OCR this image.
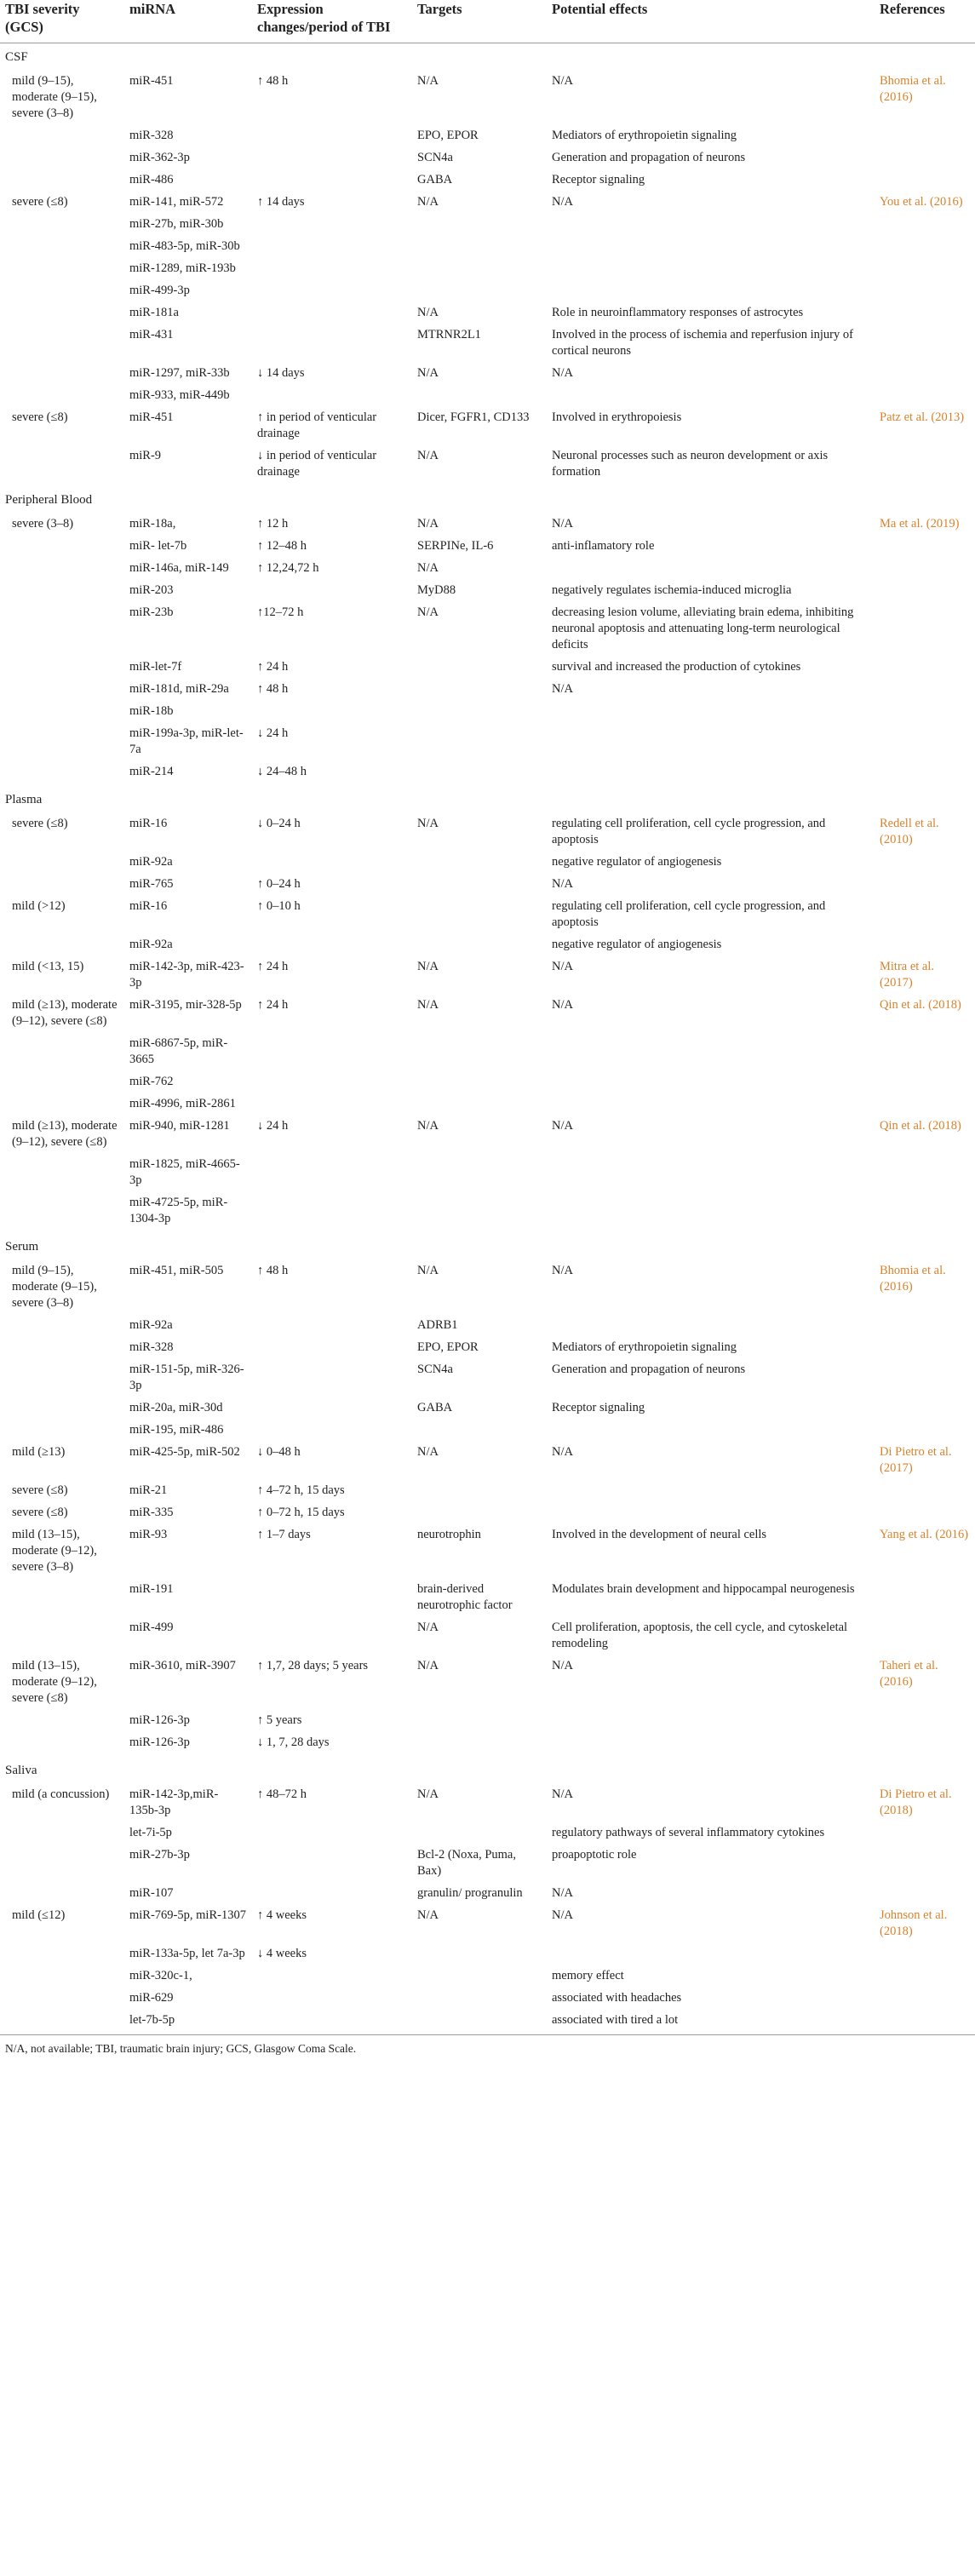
TBI severity (GCS)	miRNA	Expression changes/period of TBI	Targets	Potential effects	References
CSF					
mild (9–15), moderate (9–15), severe (3–8)	miR-451	↑ 48 h	N/A	N/A	Bhomia et al. (2016)
	miR-328		EPO, EPOR	Mediators of erythropoietin signaling	
	miR-362-3p		SCN4a	Generation and propagation of neurons	
	miR-486		GABA	Receptor signaling	
severe (≤8)	miR-141, miR-572	↑ 14 days	N/A	N/A	You et al. (2016)
	miR-27b, miR-30b				
	miR-483-5p, miR-30b				
	miR-1289, miR-193b				
	miR-499-3p				
	miR-181a		N/A	Role in neuroinflammatory responses of astrocytes	
	miR-431		MTRNR2L1	Involved in the process of ischemia and reperfusion injury of cortical neurons	
	miR-1297, miR-33b	↓ 14 days	N/A	N/A	
	miR-933, miR-449b				
severe (≤8)	miR-451	↑ in period of venticular drainage	Dicer, FGFR1, CD133	Involved in erythropoiesis	Patz et al. (2013)
	miR-9	↓ in period of venticular drainage	N/A	Neuronal processes such as neuron development or axis formation	
Peripheral Blood					
severe (3–8)	miR-18a,	↑ 12 h	N/A	N/A	Ma et al. (2019)
	miR- let-7b	↑ 12–48 h	SERPINe, IL-6	anti-inflamatory role	
	miR-146a, miR-149	↑ 12,24,72 h	N/A		
	miR-203		MyD88	negatively regulates ischemia-induced microglia	
	miR-23b	↑12–72 h	N/A	decreasing lesion volume, alleviating brain edema, inhibiting neuronal apoptosis and attenuating long-term neurological deficits	
	miR-let-7f	↑ 24 h		survival and increased the production of cytokines	
	miR-181d, miR-29a	↑ 48 h		N/A	
	miR-18b				
	miR-199a-3p, miR-let-7a	↓ 24 h			
	miR-214	↓ 24–48 h			
Plasma					
severe (≤8)	miR-16	↓ 0–24 h	N/A	regulating cell proliferation, cell cycle progression, and apoptosis	Redell et al. (2010)
	miR-92a			negative regulator of angiogenesis	
	miR-765	↑ 0–24 h		N/A	
mild (>12)	miR-16	↑ 0–10 h		regulating cell proliferation, cell cycle progression, and apoptosis	
	miR-92a			negative regulator of angiogenesis	
mild (<13, 15)	miR-142-3p, miR-423-3p	↑ 24 h	N/A	N/A	Mitra et al. (2017)
mild (≥13), moderate (9–12), severe (≤8)	miR-3195, mir-328-5p	↑ 24 h	N/A	N/A	Qin et al. (2018)
	miR-6867-5p, miR-3665				
	miR-762				
	miR-4996, miR-2861				
mild (≥13), moderate (9–12), severe (≤8)	miR-940, miR-1281	↓ 24 h	N/A	N/A	Qin et al. (2018)
	miR-1825, miR-4665-3p				
	miR-4725-5p, miR-1304-3p				
Serum					
mild (9–15), moderate (9–15), severe (3–8)	miR-451, miR-505	↑ 48 h	N/A	N/A	Bhomia et al. (2016)
	miR-92a		ADRB1		
	miR-328		EPO, EPOR	Mediators of erythropoietin signaling	
	miR-151-5p, miR-326-3p		SCN4a	Generation and propagation of neurons	
	miR-20a, miR-30d		GABA	Receptor signaling	
	miR-195, miR-486				
mild (≥13)	miR-425-5p, miR-502	↓ 0–48 h	N/A	N/A	Di Pietro et al. (2017)
severe (≤8)	miR-21	↑ 4–72 h, 15 days			
severe (≤8)	miR-335	↑ 0–72 h, 15 days			
mild (13–15), moderate (9–12), severe (3–8)	miR-93	↑ 1–7 days	neurotrophin	Involved in the development of neural cells	Yang et al. (2016)
	miR-191		brain-derived neurotrophic factor	Modulates brain development and hippocampal neurogenesis	
	miR-499		N/A	Cell proliferation, apoptosis, the cell cycle, and cytoskeletal remodeling	
mild (13–15), moderate (9–12), severe (≤8)	miR-3610, miR-3907	↑ 1,7, 28 days; 5 years	N/A	N/A	Taheri et al. (2016)
	miR-126-3p	↑ 5 years			
	miR-126-3p	↓ 1, 7, 28 days			
Saliva					
mild (a concussion)	miR-142-3p,miR-135b-3p	↑ 48–72 h	N/A	N/A	Di Pietro et al. (2018)
	let-7i-5p			regulatory pathways of several inflammatory cytokines	
	miR-27b-3p		Bcl-2 (Noxa, Puma, Bax)	proapoptotic role	
	miR-107		granulin/ progranulin	N/A	
mild (≤12)	miR-769-5p, miR-1307	↑ 4 weeks	N/A	N/A	Johnson et al. (2018)
	miR-133a-5p, let 7a-3p	↓ 4 weeks			
	miR-320c-1,			memory effect	
	miR-629			associated with headaches	
	let-7b-5p			associated with tired a lot	
N/A, not available; TBI, traumatic brain injury; GCS, Glasgow Coma Scale.					
